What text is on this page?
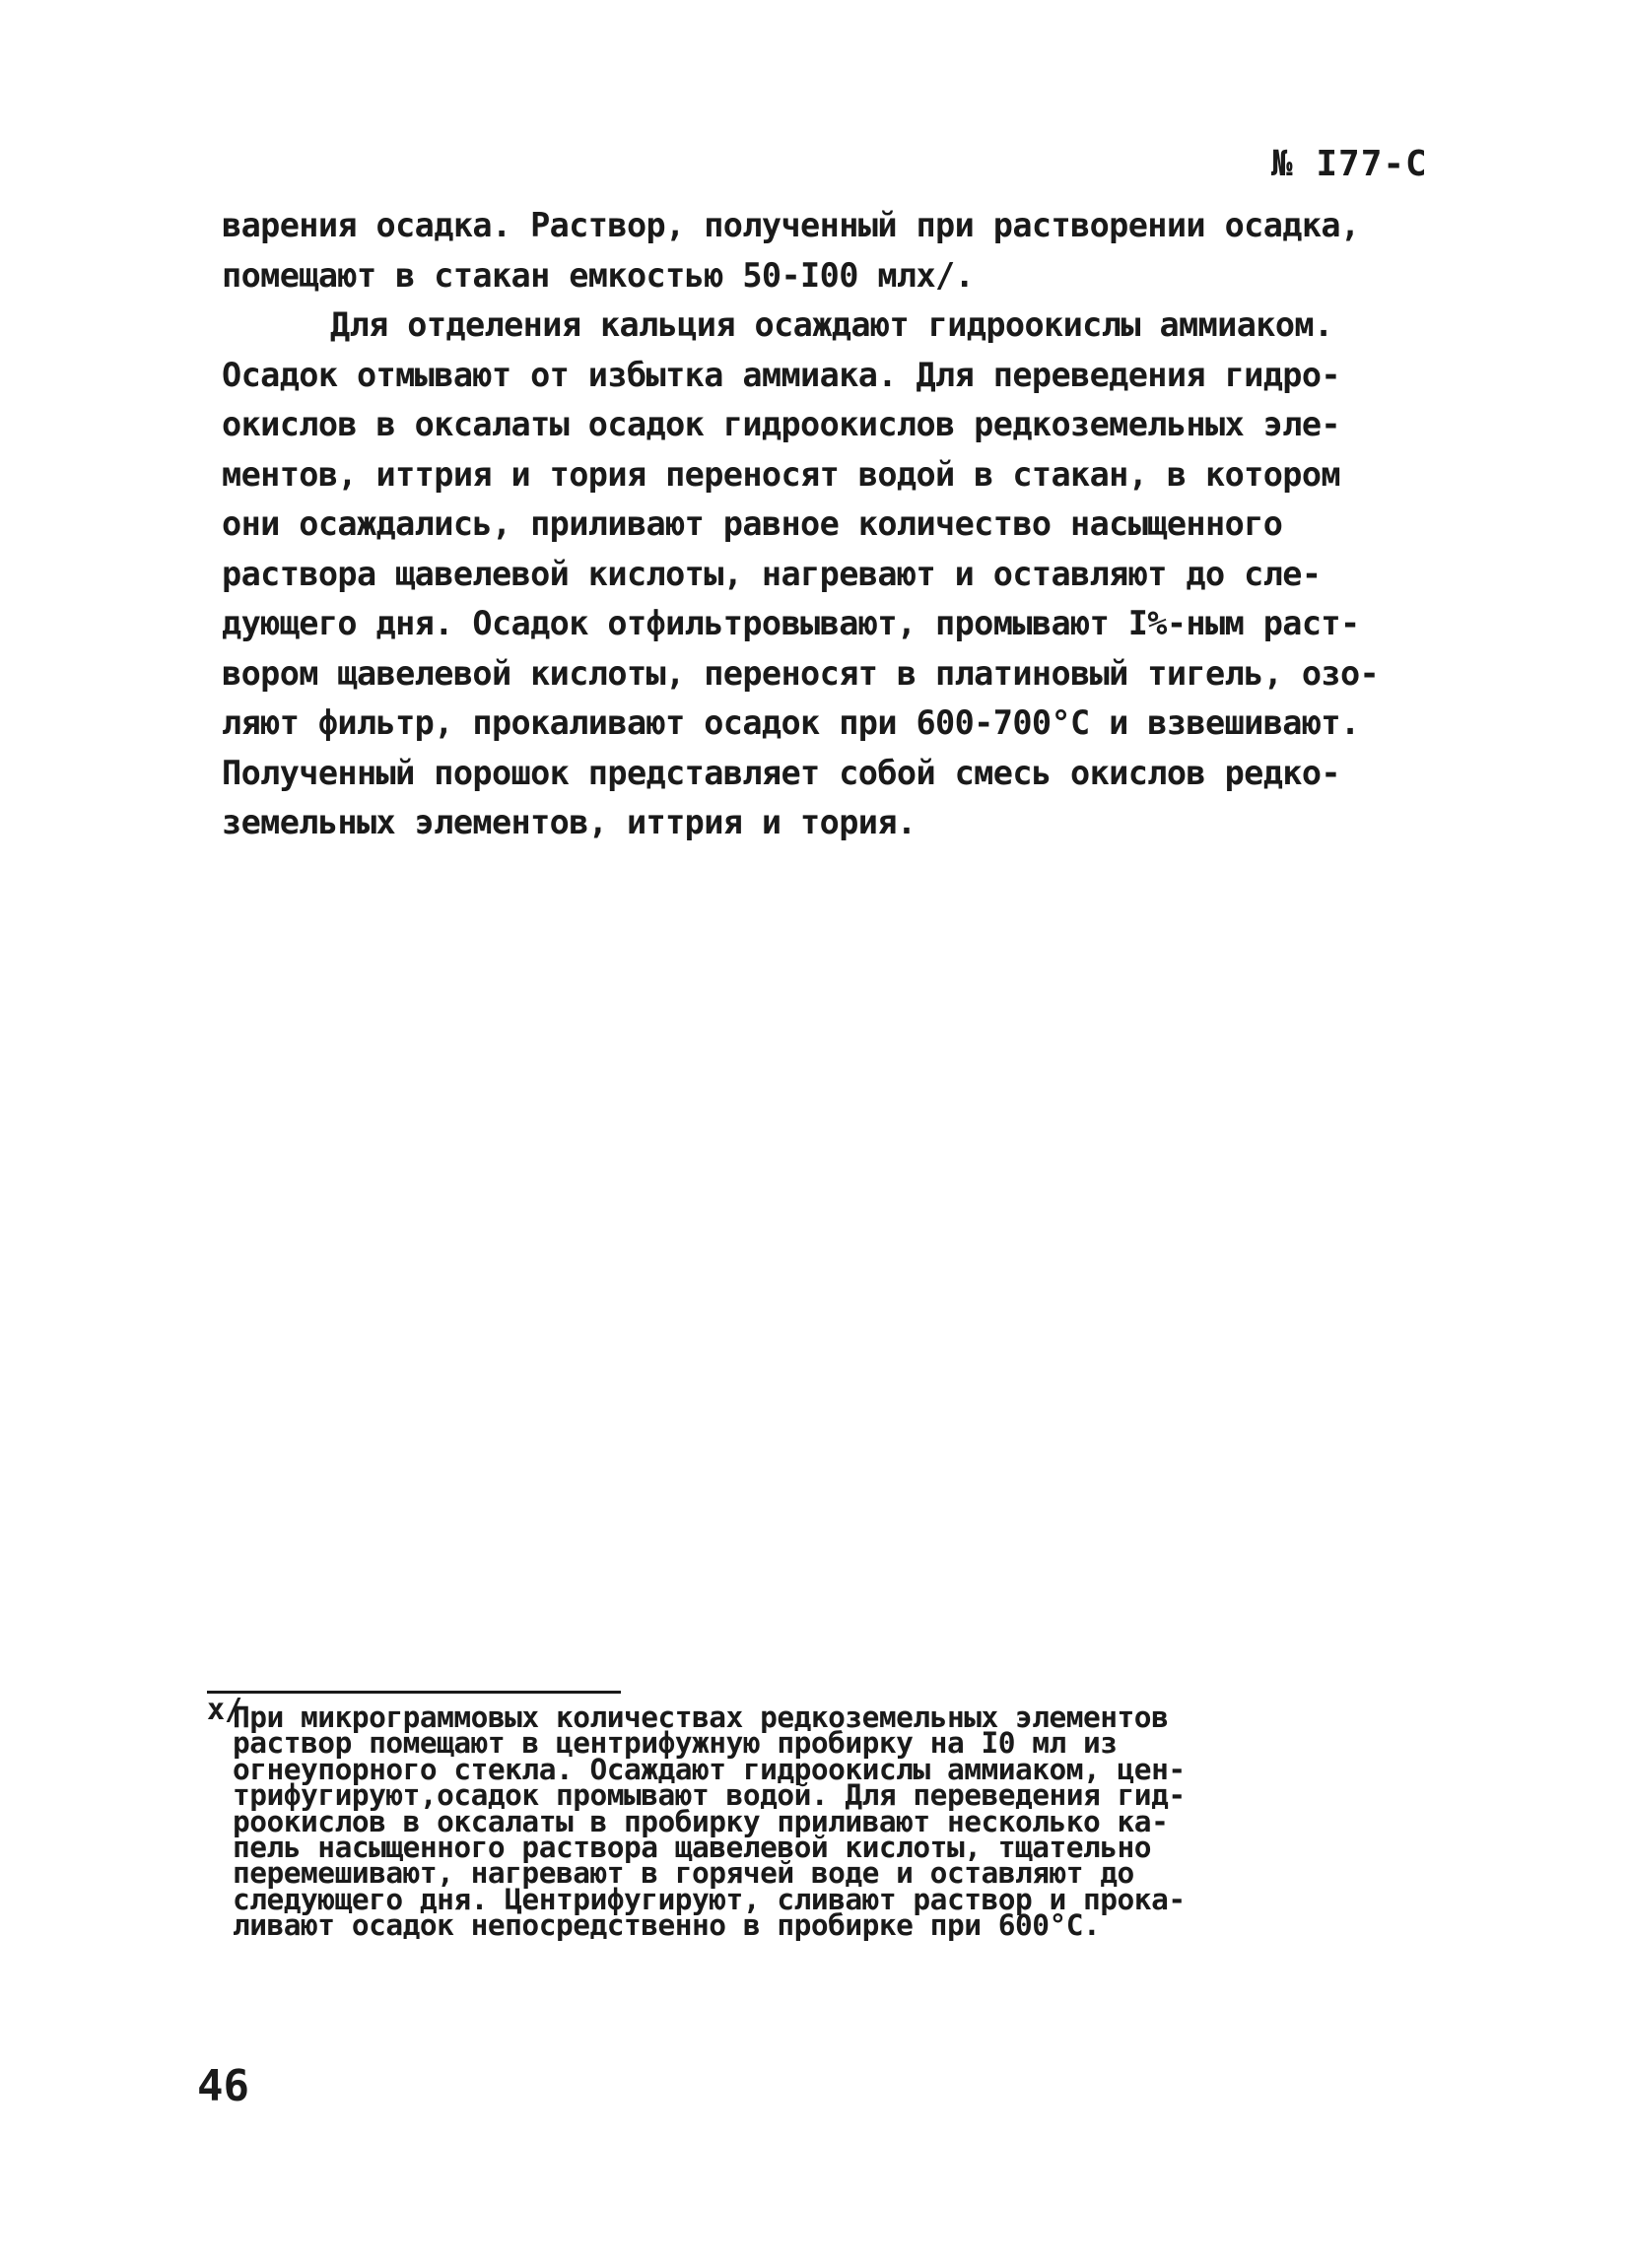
№ I77-С
варения осадка. Раствор, полученный при растворении осадка,
помещают в стакан емкостью 50-I00 млx/.
Для отделения кальция осаждают гидроокислы аммиаком.
Осадок отмывают от избытка аммиака. Для переведения гидро-
окислов в оксалаты осадок гидроокислов редкоземельных эле-
ментов, иттрия и тория переносят водой в стакан, в котором
они осаждались, приливают равное количество насыщенного
раствора щавелевой кислоты, нагревают и оставляют до сле-
дующего дня. Осадок отфильтровывают, промывают I%-ным раст-
вором щавелевой кислоты, переносят в платиновый тигель, озо-
ляют фильтр, прокаливают осадок при 600-700°С и взвешивают.
Полученный порошок представляет собой смесь окислов редко-
земельных элементов, иттрия и тория.
x/
При микрограммовых количествах редкоземельных элементов
раствор помещают в центрифужную пробирку на I0 мл из
огнеупорного стекла. Осаждают гидроокислы аммиаком, цен-
трифугируют,осадок промывают водой. Для переведения гид-
роокислов в оксалаты в пробирку приливают несколько ка-
пель насыщенного раствора щавелевой кислоты, тщательно
перемешивают, нагревают в горячей воде и оставляют до
следующего дня. Центрифугируют, сливают раствор и прока-
ливают осадок непосредственно в пробирке при 600°С.
46
